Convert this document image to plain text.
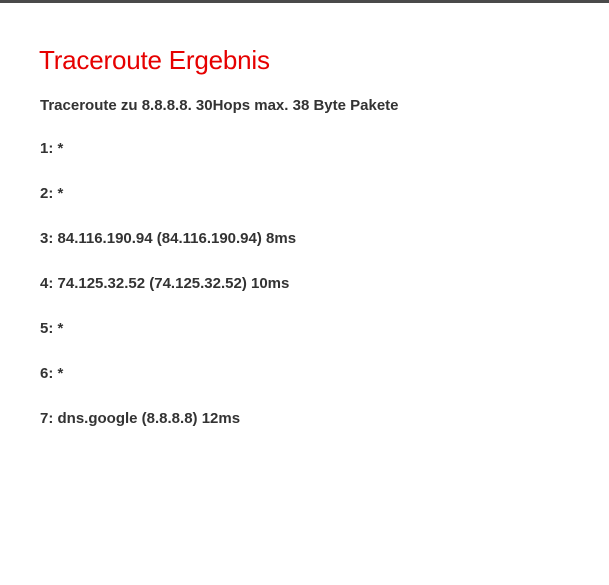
Traceroute Ergebnis

Traceroute zu 8.8.8.8. 30Hops max. 38 Byte Pakete

1: *

2: *

3: 84.116.190.94 (84.116.190.94) 8ms

4: 74.125.32.52 (74.125.32.52) 10ms

5: *

6: *

7: dns.google (8.8.8.8) 12ms
